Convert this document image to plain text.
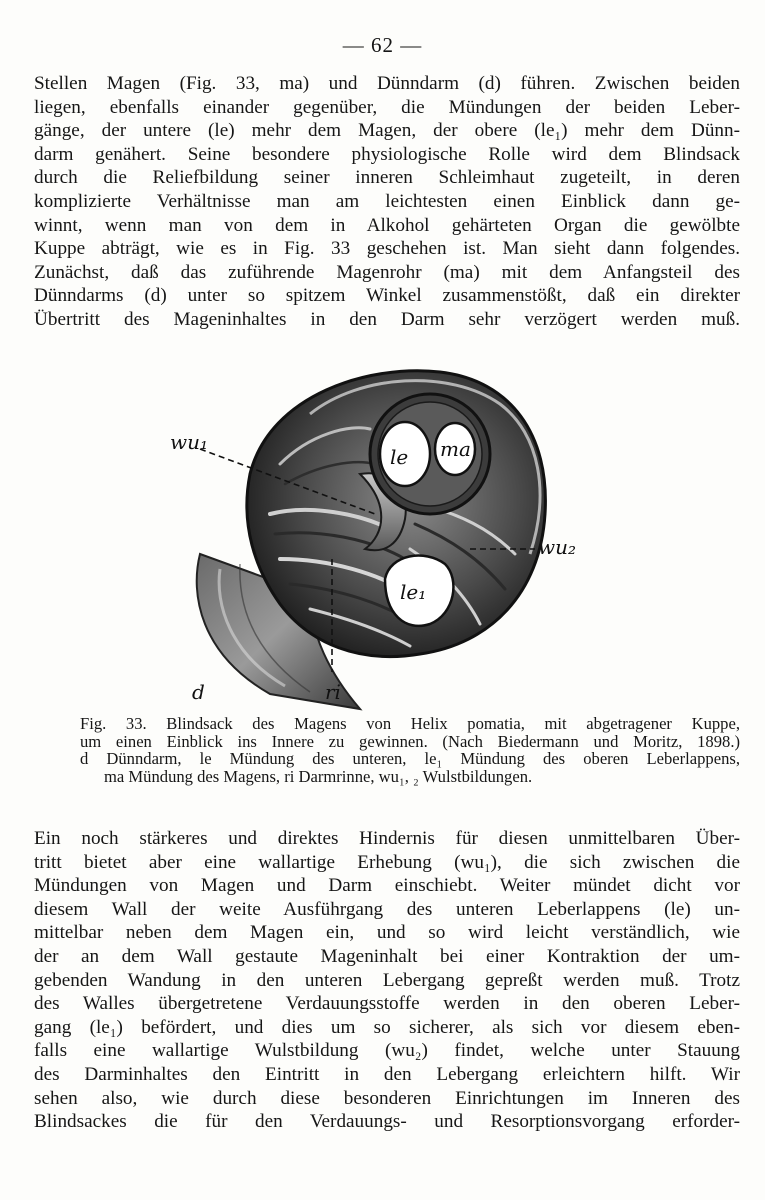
— 62 —

Stellen Magen (Fig. 33, ma) und Dünndarm (d) führen. Zwischen beiden
liegen, ebenfalls einander gegenüber, die Mündungen der beiden Leber-
gänge, der untere (le) mehr dem Magen, der obere (le₁) mehr dem Dünn-
darm genähert. Seine besondere physiologische Rolle wird dem Blindsack
durch die Reliefbildung seiner inneren Schleimhaut zugeteilt, in deren
komplizierte Verhältnisse man am leichtesten einen Einblick dann ge-
winnt, wenn man von dem in Alkohol gehärteten Organ die gewölbte
Kuppe abträgt, wie es in Fig. 33 geschehen ist. Man sieht dann folgendes.
Zunächst, daß das zuführende Magenrohr (ma) mit dem Anfangsteil des
Dünndarms (d) unter so spitzem Winkel zusammenstößt, daß ein direkter
Übertritt des Mageninhaltes in den Darm sehr verzögert werden muß.

wu₁
wu₂
le ma
le₁
d	ri
Fig. 33. Blindsack des Magens von Helix pomatia, mit abgetragener Kuppe,
um einen Einblick ins Innere zu gewinnen. (Nach Biedermann und Moritz, 1898.)
d Dünndarm, le Mündung des unteren, le₁ Mündung des oberen Leberlappens,
ma Mündung des Magens, ri Darmrinne, wu₁, ₂ Wulstbildungen.

Ein noch stärkeres und direktes Hindernis für diesen unmittelbaren Über-
tritt bietet aber eine wallartige Erhebung (wu₁), die sich zwischen die
Mündungen von Magen und Darm einschiebt. Weiter mündet dicht vor
diesem Wall der weite Ausführgang des unteren Leberlappens (le) un-
mittelbar neben dem Magen ein, und so wird leicht verständlich, wie
der an dem Wall gestaute Mageninhalt bei einer Kontraktion der um-
gebenden Wandung in den unteren Lebergang gepreßt werden muß. Trotz
des Walles übergetretene Verdauungsstoffe werden in den oberen Leber-
gang (le₁) befördert, und dies um so sicherer, als sich vor diesem eben-
falls eine wallartige Wulstbildung (wu₂) findet, welche unter Stauung
des Darminhaltes den Eintritt in den Lebergang erleichtern hilft. Wir
sehen also, wie durch diese besonderen Einrichtungen im Inneren des
Blindsackes die für den Verdauungs- und Resorptionsvorgang erforder-
